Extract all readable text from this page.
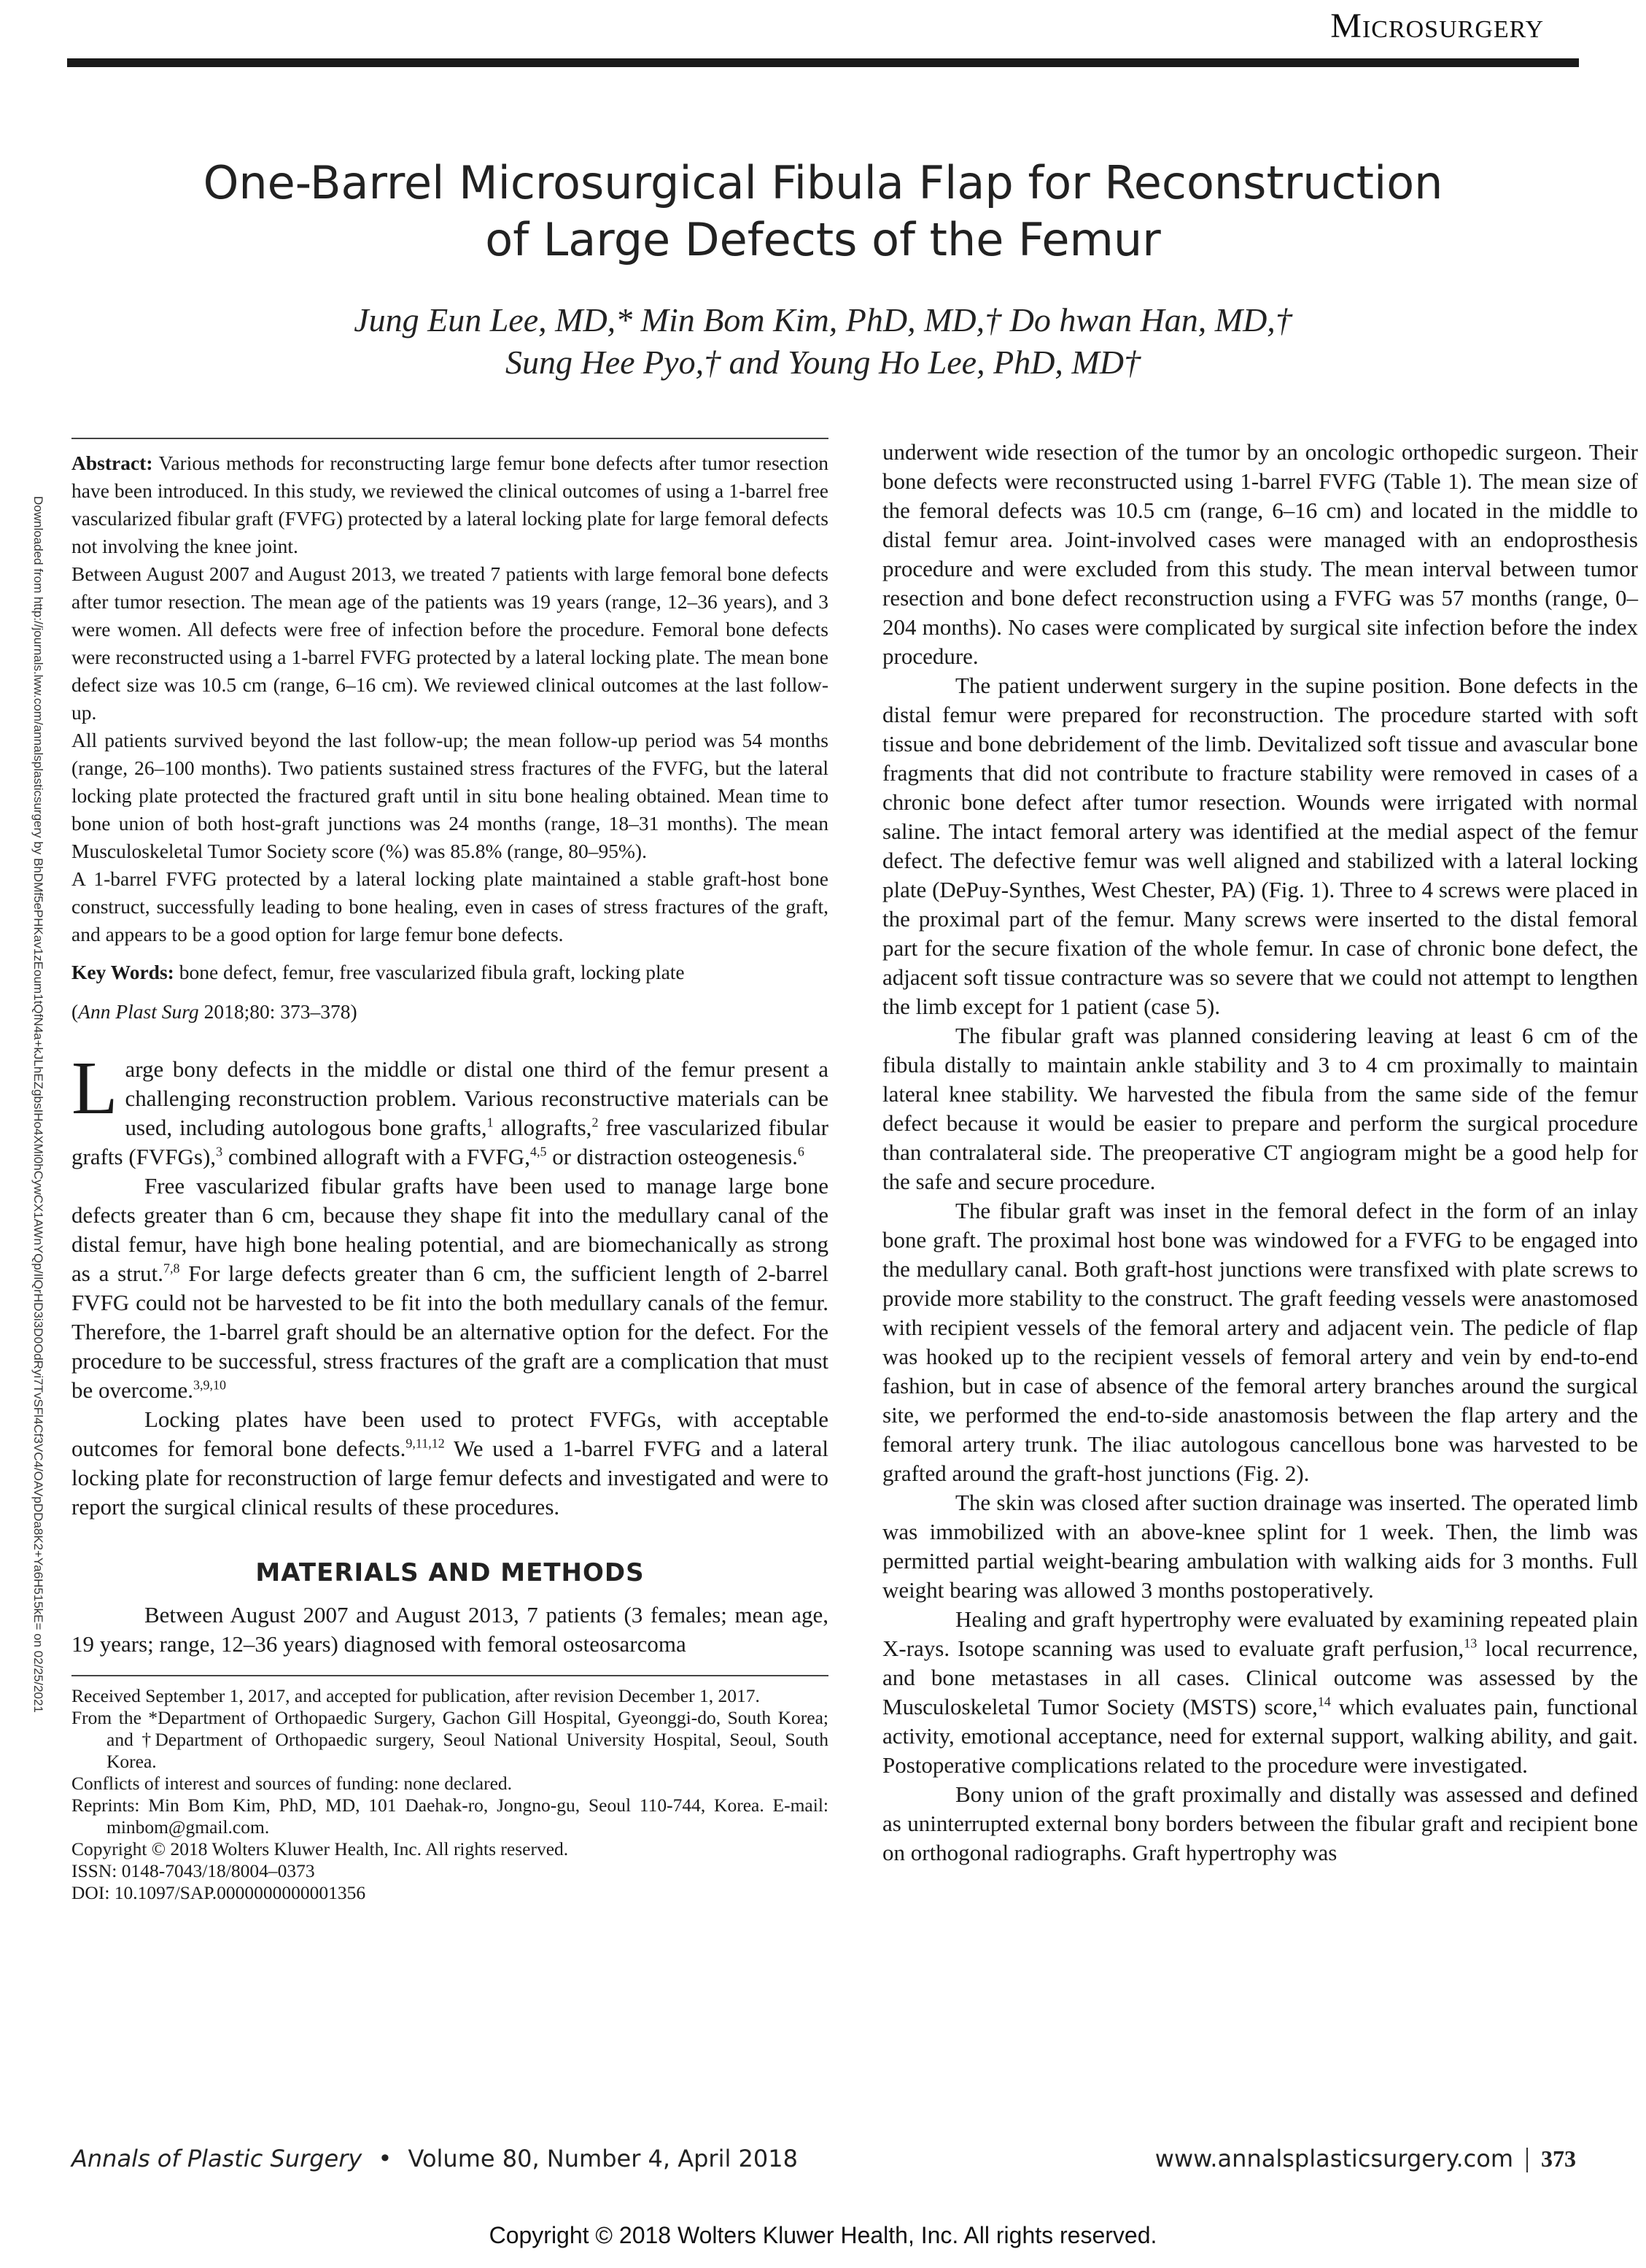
Microsurgery
One-Barrel Microsurgical Fibula Flap for Reconstruction
of Large Defects of the Femur
Jung Eun Lee, MD,* Min Bom Kim, PhD, MD,† Do hwan Han, MD,†
Sung Hee Pyo,† and Young Ho Lee, PhD, MD†
Downloaded from http://journals.lww.com/annalsplasticsurgery by BhDMf5ePHKav1zEoum1tQfN4a+kJLhEZgbsIHo4XMi0hCywCX1AWnYQp/IlQrHD3i3D0OdRyi7TvSFl4Cf3VC4/OAVpDDa8K2+Ya6H515kE= on 02/25/2021

Abstract: Various methods for reconstructing large femur bone defects after tumor resection have been introduced. In this study, we reviewed the clinical outcomes of using a 1-barrel free vascularized fibular graft (FVFG) protected by a lateral locking plate for large femoral defects not involving the knee joint.

Between August 2007 and August 2013, we treated 7 patients with large femoral bone defects after tumor resection. The mean age of the patients was 19 years (range, 12–36 years), and 3 were women. All defects were free of infection before the procedure. Femoral bone defects were reconstructed using a 1-barrel FVFG protected by a lateral locking plate. The mean bone defect size was 10.5 cm (range, 6–16 cm). We reviewed clinical outcomes at the last follow-up.

All patients survived beyond the last follow-up; the mean follow-up period was 54 months (range, 26–100 months). Two patients sustained stress fractures of the FVFG, but the lateral locking plate protected the fractured graft until in situ bone healing obtained. Mean time to bone union of both host-graft junctions was 24 months (range, 18–31 months). The mean Musculoskeletal Tumor Society score (%) was 85.8% (range, 80–95%).

A 1-barrel FVFG protected by a lateral locking plate maintained a stable graft-host bone construct, successfully leading to bone healing, even in cases of stress fractures of the graft, and appears to be a good option for large femur bone defects.

Key Words: bone defect, femur, free vascularized fibula graft, locking plate

(Ann Plast Surg 2018;80: 373–378)

Large bony defects in the middle or distal one third of the femur present a challenging reconstruction problem. Various reconstructive materials can be used, including autologous bone grafts,$^1$ allografts,$^2$ free vascularized fibular grafts (FVFGs),$^3$ combined allograft with a FVFG,$^{4,5}$ or distraction osteogenesis.$^6$

Free vascularized fibular grafts have been used to manage large bone defects greater than 6 cm, because they shape fit into the medullary canal of the distal femur, have high bone healing potential, and are biomechanically as strong as a strut.$^{7,8}$ For large defects greater than 6 cm, the sufficient length of 2-barrel FVFG could not be harvested to be fit into the both medullary canals of the femur. Therefore, the 1-barrel graft should be an alternative option for the defect. For the procedure to be successful, stress fractures of the graft are a complication that must be overcome.$^{3,9,10}$

Locking plates have been used to protect FVFGs, with acceptable outcomes for femoral bone defects.$^{9,11,12}$ We used a 1-barrel FVFG and a lateral locking plate for reconstruction of large femur defects and investigated and were to report the surgical clinical results of these procedures.

MATERIALS AND METHODS

Between August 2007 and August 2013, 7 patients (3 females; mean age, 19 years; range, 12–36 years) diagnosed with femoral osteosarcoma

Received September 1, 2017, and accepted for publication, after revision December 1, 2017.

From the *Department of Orthopaedic Surgery, Gachon Gill Hospital, Gyeonggi-do, South Korea; and †Department of Orthopaedic surgery, Seoul National University Hospital, Seoul, South Korea.

Conflicts of interest and sources of funding: none declared.

Reprints: Min Bom Kim, PhD, MD, 101 Daehak-ro, Jongno-gu, Seoul 110-744, Korea. E-mail: minbom@gmail.com.

Copyright © 2018 Wolters Kluwer Health, Inc. All rights reserved.

ISSN: 0148-7043/18/8004–0373

DOI: 10.1097/SAP.0000000000001356

underwent wide resection of the tumor by an oncologic orthopedic surgeon. Their bone defects were reconstructed using 1-barrel FVFG (Table 1). The mean size of the femoral defects was 10.5 cm (range, 6–16 cm) and located in the middle to distal femur area. Joint-involved cases were managed with an endoprosthesis procedure and were excluded from this study. The mean interval between tumor resection and bone defect reconstruction using a FVFG was 57 months (range, 0–204 months). No cases were complicated by surgical site infection before the index procedure.

The patient underwent surgery in the supine position. Bone defects in the distal femur were prepared for reconstruction. The procedure started with soft tissue and bone debridement of the limb. Devitalized soft tissue and avascular bone fragments that did not contribute to fracture stability were removed in cases of a chronic bone defect after tumor resection. Wounds were irrigated with normal saline. The intact femoral artery was identified at the medial aspect of the femur defect. The defective femur was well aligned and stabilized with a lateral locking plate (DePuy-Synthes, West Chester, PA) (Fig. 1). Three to 4 screws were placed in the proximal part of the femur. Many screws were inserted to the distal femoral part for the secure fixation of the whole femur. In case of chronic bone defect, the adjacent soft tissue contracture was so severe that we could not attempt to lengthen the limb except for 1 patient (case 5).

The fibular graft was planned considering leaving at least 6 cm of the fibula distally to maintain ankle stability and 3 to 4 cm proximally to maintain lateral knee stability. We harvested the fibula from the same side of the femur defect because it would be easier to prepare and perform the surgical procedure than contralateral side. The preoperative CT angiogram might be a good help for the safe and secure procedure.

The fibular graft was inset in the femoral defect in the form of an inlay bone graft. The proximal host bone was windowed for a FVFG to be engaged into the medullary canal. Both graft-host junctions were transfixed with plate screws to provide more stability to the construct. The graft feeding vessels were anastomosed with recipient vessels of the femoral artery and adjacent vein. The pedicle of flap was hooked up to the recipient vessels of femoral artery and vein by end-to-end fashion, but in case of absence of the femoral artery branches around the surgical site, we performed the end-to-side anastomosis between the flap artery and the femoral artery trunk. The iliac autologous cancellous bone was harvested to be grafted around the graft-host junctions (Fig. 2).

The skin was closed after suction drainage was inserted. The operated limb was immobilized with an above-knee splint for 1 week. Then, the limb was permitted partial weight-bearing ambulation with walking aids for 3 months. Full weight bearing was allowed 3 months postoperatively.

Healing and graft hypertrophy were evaluated by examining repeated plain X-rays. Isotope scanning was used to evaluate graft perfusion,$^{13}$ local recurrence, and bone metastases in all cases. Clinical outcome was assessed by the Musculoskeletal Tumor Society (MSTS) score,$^{14}$ which evaluates pain, functional activity, emotional acceptance, need for external support, walking ability, and gait. Postoperative complications related to the procedure were investigated.

Bony union of the graft proximally and distally was assessed and defined as uninterrupted external bony borders between the fibular graft and recipient bone on orthogonal radiographs. Graft hypertrophy was

Annals of Plastic Surgery • Volume 80, Number 4, April 2018	www.annalsplasticsurgery.com 373
Copyright © 2018 Wolters Kluwer Health, Inc. All rights reserved.
